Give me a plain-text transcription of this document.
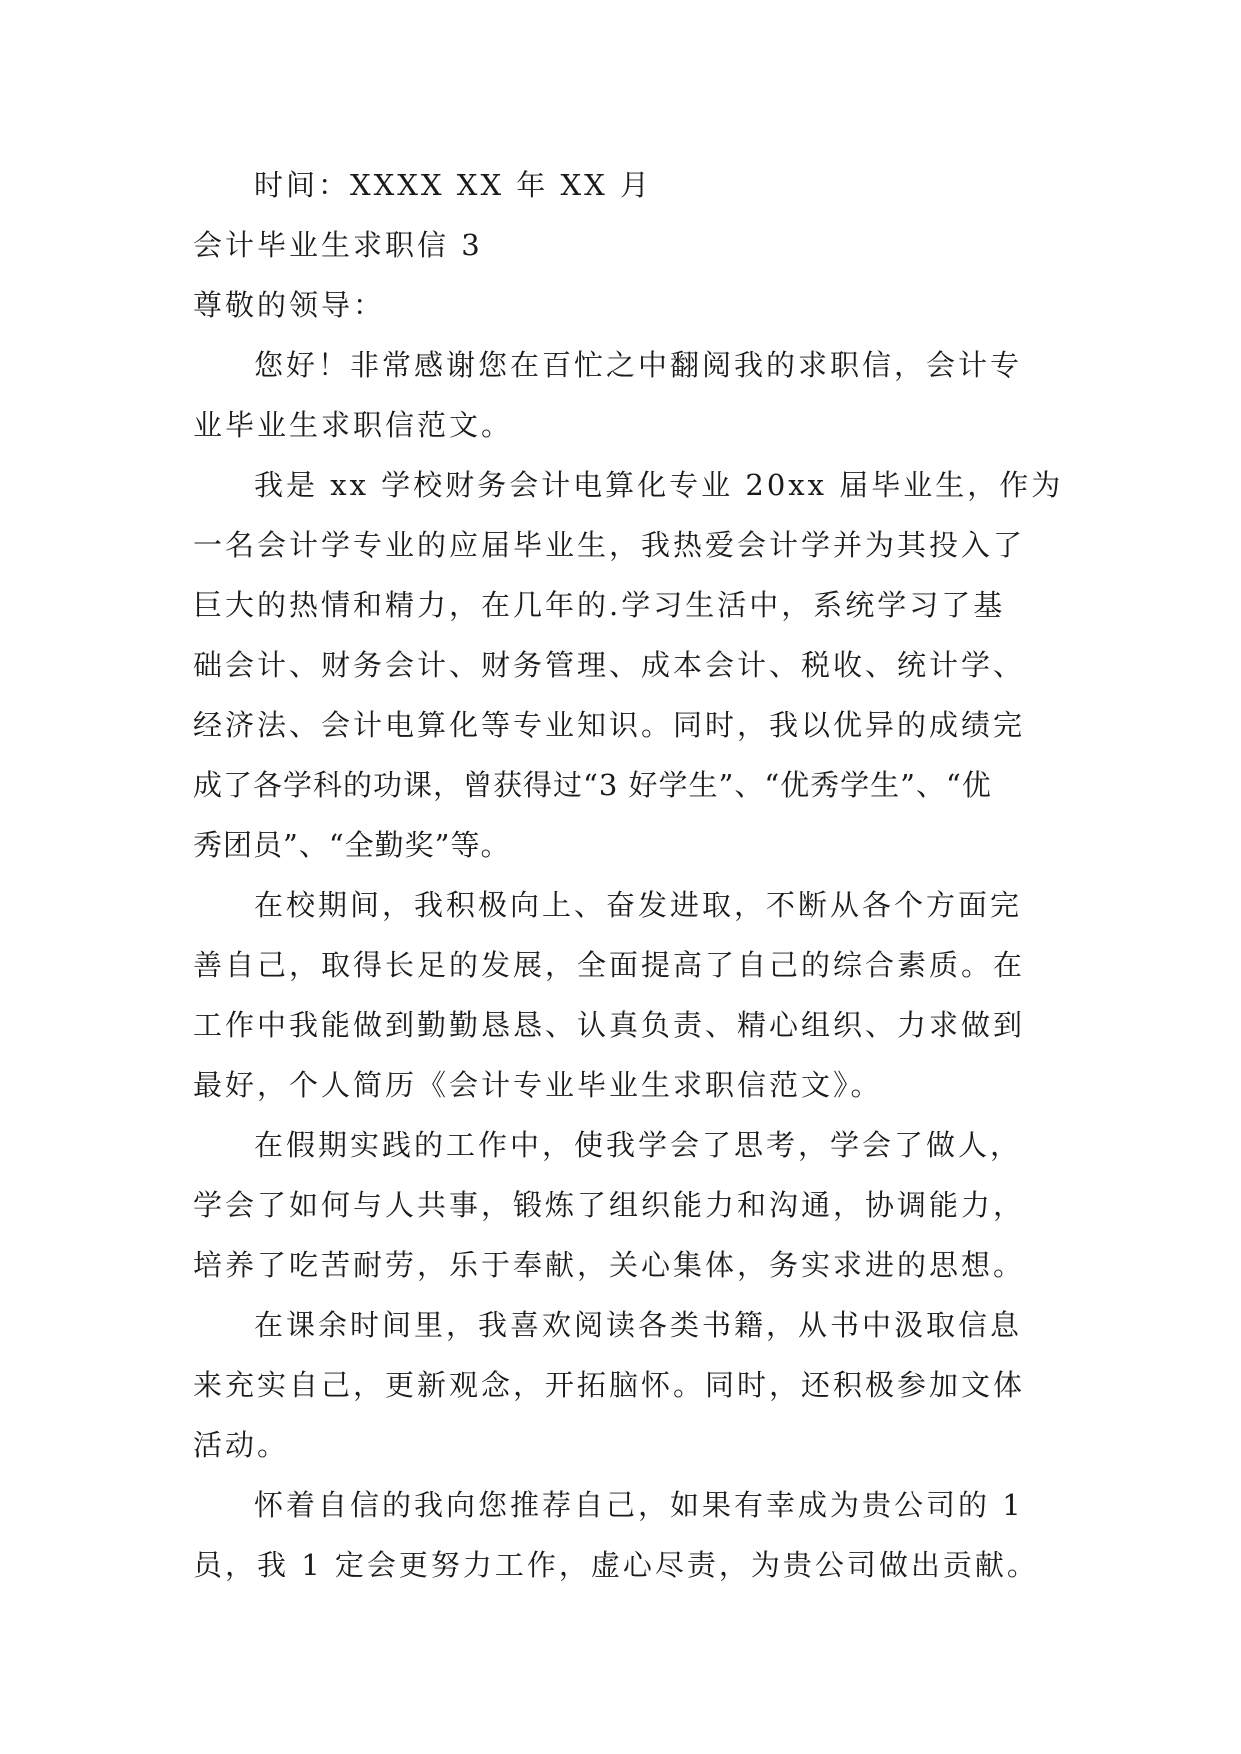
时间：XXXX XX 年 XX 月
会计毕业生求职信 3
尊敬的领导：
您好！非常感谢您在百忙之中翻阅我的求职信，会计专
业毕业生求职信范文。
我是 xx 学校财务会计电算化专业 20xx 届毕业生，作为
一名会计学专业的应届毕业生，我热爱会计学并为其投入了
巨大的热情和精力，在几年的.学习生活中，系统学习了基
础会计、财务会计、财务管理、成本会计、税收、统计学、
经济法、会计电算化等专业知识。同时，我以优异的成绩完
成了各学科的功课，曾获得过“3 好学生”、“优秀学生”、“优
秀团员”、“全勤奖”等。
在校期间，我积极向上、奋发进取，不断从各个方面完
善自己，取得长足的发展，全面提高了自己的综合素质。在
工作中我能做到勤勤恳恳、认真负责、精心组织、力求做到
最好，个人简历《会计专业毕业生求职信范文》。
在假期实践的工作中，使我学会了思考，学会了做人，
学会了如何与人共事，锻炼了组织能力和沟通，协调能力，
培养了吃苦耐劳，乐于奉献，关心集体，务实求进的思想。
在课余时间里，我喜欢阅读各类书籍，从书中汲取信息
来充实自己，更新观念，开拓脑怀。同时，还积极参加文体
活动。
怀着自信的我向您推荐自己，如果有幸成为贵公司的 1
员，我 1 定会更努力工作，虚心尽责，为贵公司做出贡献。
